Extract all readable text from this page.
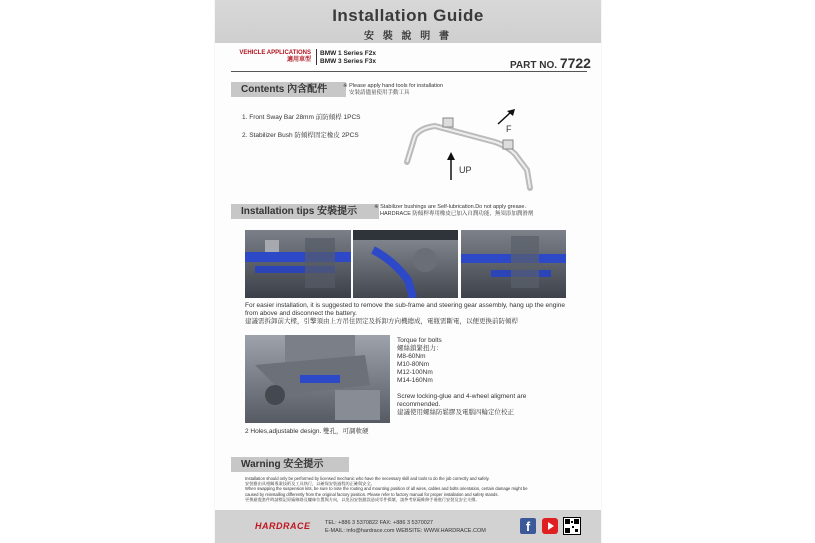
Installation Guide
安 裝 說 明 書
VEHICLE APPLICATIONS
適用車型
BMW 1 Series F2x
BMW 3 Series F3x	PART NO. 7722
Contents 內含配件	※ Please apply hand tools for installation
安裝請儘量使用手動工具
1. Front Sway Bar 28mm 前防傾桿 1PCS
2. Stabilizer Bush 防傾桿固定橡皮 2PCS
UP
F
Installation tips 安裝提示	※ Stabilizer bushings are Self-lubrication.Do not apply grease.
HARDRACE 防傾桿專用橡皮已加入自潤功能，無須添加潤滑劑
For easier installation, it is suggested to remove the sub-frame and steering gear assembly, hang up the engine from above and disconnect the battery.
建議需拆卸前大樑，引擎須由上方吊住固定及拆卸方向機總成，電瓶需斷電，以便更換前防傾桿
Torque for bolts
螺絲鎖緊扭力：
M8-60Nm
M10-80Nm
M12-100Nm
M14-160Nm
Screw locking-glue and 4-wheel aligment are recommended.
建議使用螺絲防鬆膠及電腦四輪定位校正
2 Holes,adjustable design. 雙孔，可調軟硬
Warning 安全提示
Installation should only be performed by licensed mechanic who have the necessary skill and tools to do the job correctly and safely.
安裝應由具相關專業技術及工具執行，以確保安裝過程的正確與安全。
When swapping the suspension kits, be sure to note the routing and mounting position of all wires, cables and bolts orientation, certain damage might be
caused by reinstalling differently from the original factory position. Please refer to factory manual for proper installation and safety stands.
更換避震套件時請標記原廠線路及螺絲位置與方向，以免因安裝錯誤造成零件損壞，請參考原廠維修手冊進行安裝及安全支撐。
HARDRACE	TEL: +886 3 5370822 FAX: +886 3 5370027
E-MAIL: info@hardrace.com WEBSITE: WWW.HARDRACE.COM	f
